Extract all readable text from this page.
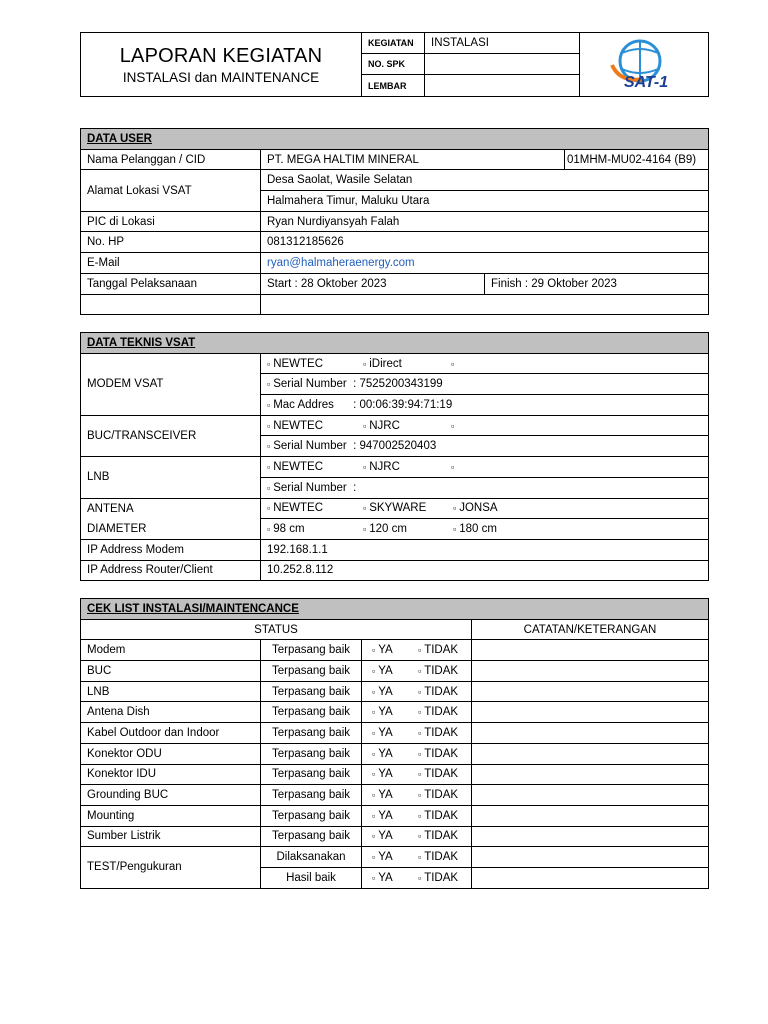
LAPORAN KEGIATAN
INSTALASI dan MAINTENANCE	KEGIATAN	INSTALASI	SAT-1

	NO. SPK		
	LEMBAR		
DATA USER			
Nama Pelanggan / CID	PT. MEGA HALTIM MINERAL		01MHM-MU02-4164 (B9)
Alamat Lokasi VSAT	Desa Saolat, Wasile Selatan		
	Halmahera Timur, Maluku Utara		
PIC di Lokasi	Ryan Nurdiyansyah Falah		
No. HP	081312185626		
E-Mail	ryan@halmaheraenergy.com		
Tanggal Pelaksanaan	Start : 28 Oktober 2023	Finish : 29 Oktober 2023	

DATA TEKNIS VSAT	
MODEM VSAT	▫ NEWTEC ▫ iDirect ▫
	▫ Serial Number  : 7525200343199
	▫ Mac Addres      : 00:06:39:94:71:19
BUC/TRANSCEIVER	▫ NEWTEC ▫ NJRC ▫
	▫ Serial Number  : 947002520403
LNB	▫ NEWTEC ▫ NJRC ▫
	▫ Serial Number  :
ANTENA	▫ NEWTEC ▫ SKYWARE ▫ JONSA
DIAMETER	▫ 98 cm ▫ 120 cm ▫ 180 cm
IP Address Modem	192.168.1.1
IP Address Router/Client	10.252.8.112
CEK LIST INSTALASI/MAINTENCANCE			
STATUS			CATATAN/KETERANGAN
Modem	Terpasang baik	▫ YA ▫ TIDAK	
BUC	Terpasang baik	▫ YA ▫ TIDAK	
LNB	Terpasang baik	▫ YA ▫ TIDAK	
Antena Dish	Terpasang baik	▫ YA ▫ TIDAK	
Kabel Outdoor dan Indoor	Terpasang baik	▫ YA ▫ TIDAK	
Konektor ODU	Terpasang baik	▫ YA ▫ TIDAK	
Konektor IDU	Terpasang baik	▫ YA ▫ TIDAK	
Grounding BUC	Terpasang baik	▫ YA ▫ TIDAK	
Mounting	Terpasang baik	▫ YA ▫ TIDAK	
Sumber Listrik	Terpasang baik	▫ YA ▫ TIDAK	
TEST/Pengukuran	Dilaksanakan	▫ YA ▫ TIDAK	
	Hasil baik	▫ YA ▫ TIDAK	
